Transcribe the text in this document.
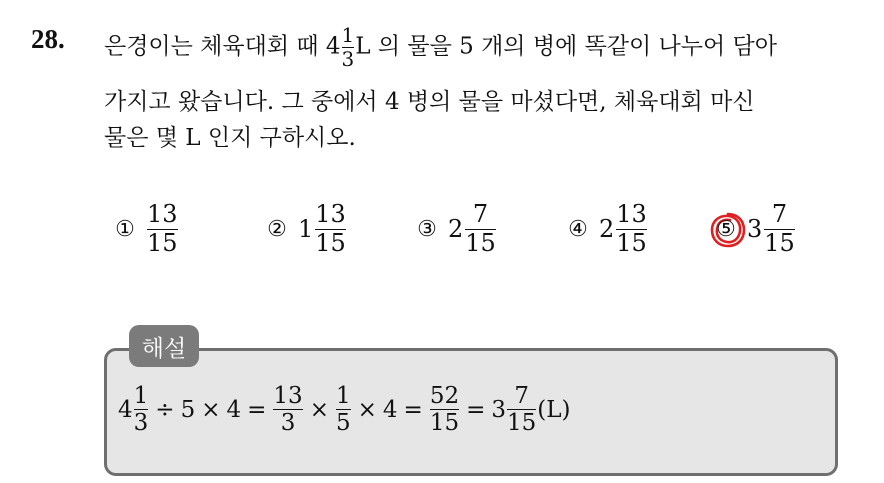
28. 은경이는 체육대회 때 $4 \frac{1}{3}$ L 의 물을 5 개의 병에 똑같이 나누어 담아
가지고 왔습니다. 그 중에서 4 병의 물을 마셨다면, 체육대회 마신
물은 몇 L 인지 구하시오.
① $\frac{13}{15}$	② $1 \frac{13}{15}$	③ $2 \frac{7}{15}$	④ $2 \frac{13}{15}$	⑤ $3 \frac{7}{15}$
해설
$4 \frac{1}{3} \div 5 \times 4 = \frac{13}{3} \times \frac{1}{5} \times 4 = \frac{52}{15} = 3 \frac{7}{15} (L)$
